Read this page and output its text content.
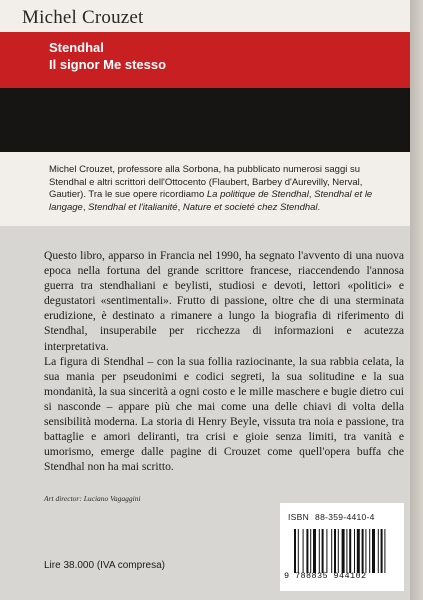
Michel Crouzet
Stendhal
Il signor Me stesso
Michel Crouzet, professore alla Sorbona, ha pubblicato numerosi saggi su Stendhal e altri scrittori dell'Ottocento (Flaubert, Barbey d'Aurevilly, Nerval, Gautier). Tra le sue opere ricordiamo La politique de Stendhal, Stendhal et le langage, Stendhal et l'italianité, Nature et societé chez Stendhal.

Questo libro, apparso in Francia nel 1990, ha segnato l'avvento di una nuova epoca nella fortuna del grande scrittore francese, riaccendendo l'annosa guerra tra stendhaliani e beylisti, studiosi e devoti, lettori «politici» e degustatori «sentimentali». Frutto di passione, oltre che di una sterminata erudizione, è destinato a rimanere a lungo la biografia di riferimento di Stendhal, insuperabile per ricchezza di informazioni e acutezza interpretativa.

La figura di Stendhal – con la sua follia raziocinante, la sua rabbia celata, la sua mania per pseudonimi e codici segreti, la sua solitudine e la sua mondanità, la sua sincerità a ogni costo e le mille maschere e bugie dietro cui si nasconde – appare più che mai come una delle chiavi di volta della sensibilità moderna. La storia di Henry Beyle, vissuta tra noia e passione, tra battaglie e amori deliranti, tra crisi e gioie senza limiti, tra vanità e umorismo, emerge dalle pagine di Crouzet come quell'opera buffa che Stendhal non ha mai scritto.

Art director: Luciano Vagaggini
ISBN 88-359-4410-4
9 788835 944102
Lire 38.000 (IVA compresa)
